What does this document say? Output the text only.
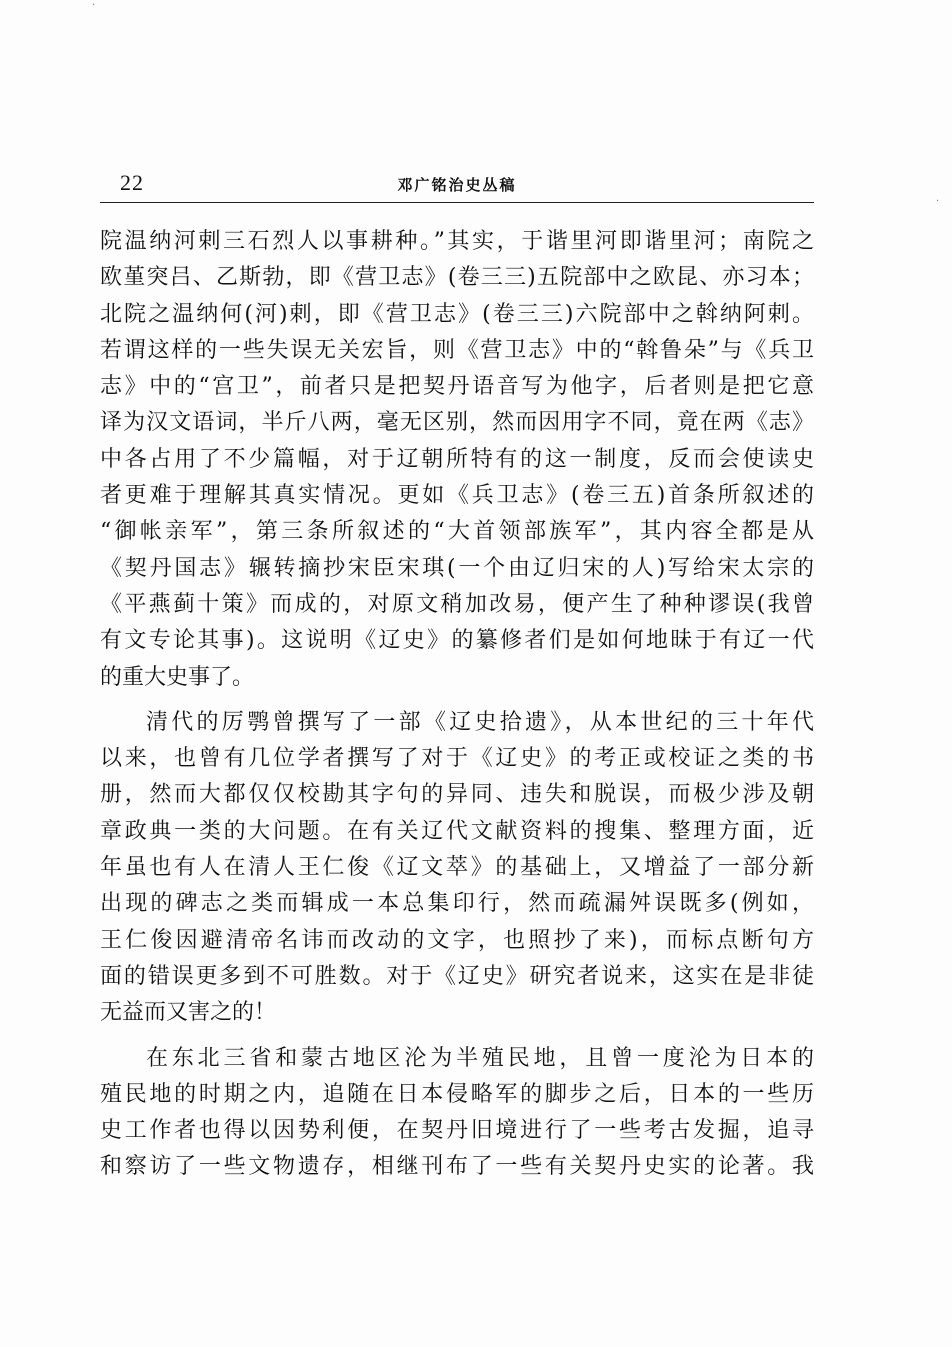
·
·
22	邓广铭治史丛稿
院温纳河剌三石烈人以事耕种。”其实，于谐里河即谐里河；南院之
欧堇突吕、乙斯勃，即《营卫志》(卷三三)五院部中之欧昆、亦习本；
北院之温纳何(河)剌，即《营卫志》(卷三三)六院部中之斡纳阿剌。
若谓这样的一些失误无关宏旨，则《营卫志》中的“斡鲁朵”与《兵卫
志》中的“宫卫”，前者只是把契丹语音写为他字，后者则是把它意
译为汉文语词，半斤八两，毫无区别，然而因用字不同，竟在两《志》
中各占用了不少篇幅，对于辽朝所特有的这一制度，反而会使读史
者更难于理解其真实情况。更如《兵卫志》(卷三五)首条所叙述的
“御帐亲军”，第三条所叙述的“大首领部族军”，其内容全都是从
《契丹国志》辗转摘抄宋臣宋琪(一个由辽归宋的人)写给宋太宗的
《平燕蓟十策》而成的，对原文稍加改易，便产生了种种谬误(我曾
有文专论其事)。这说明《辽史》的纂修者们是如何地昧于有辽一代
的重大史事了。
清代的厉鹗曾撰写了一部《辽史拾遗》，从本世纪的三十年代
以来，也曾有几位学者撰写了对于《辽史》的考正或校证之类的书
册，然而大都仅仅校勘其字句的异同、违失和脱误，而极少涉及朝
章政典一类的大问题。在有关辽代文献资料的搜集、整理方面，近
年虽也有人在清人王仁俊《辽文萃》的基础上，又增益了一部分新
出现的碑志之类而辑成一本总集印行，然而疏漏舛误既多(例如，
王仁俊因避清帝名讳而改动的文字，也照抄了来)，而标点断句方
面的错误更多到不可胜数。对于《辽史》研究者说来，这实在是非徒
无益而又害之的！
在东北三省和蒙古地区沦为半殖民地，且曾一度沦为日本的
殖民地的时期之内，追随在日本侵略军的脚步之后，日本的一些历
史工作者也得以因势利便，在契丹旧境进行了一些考古发掘，追寻
和察访了一些文物遗存，相继刊布了一些有关契丹史实的论著。我
